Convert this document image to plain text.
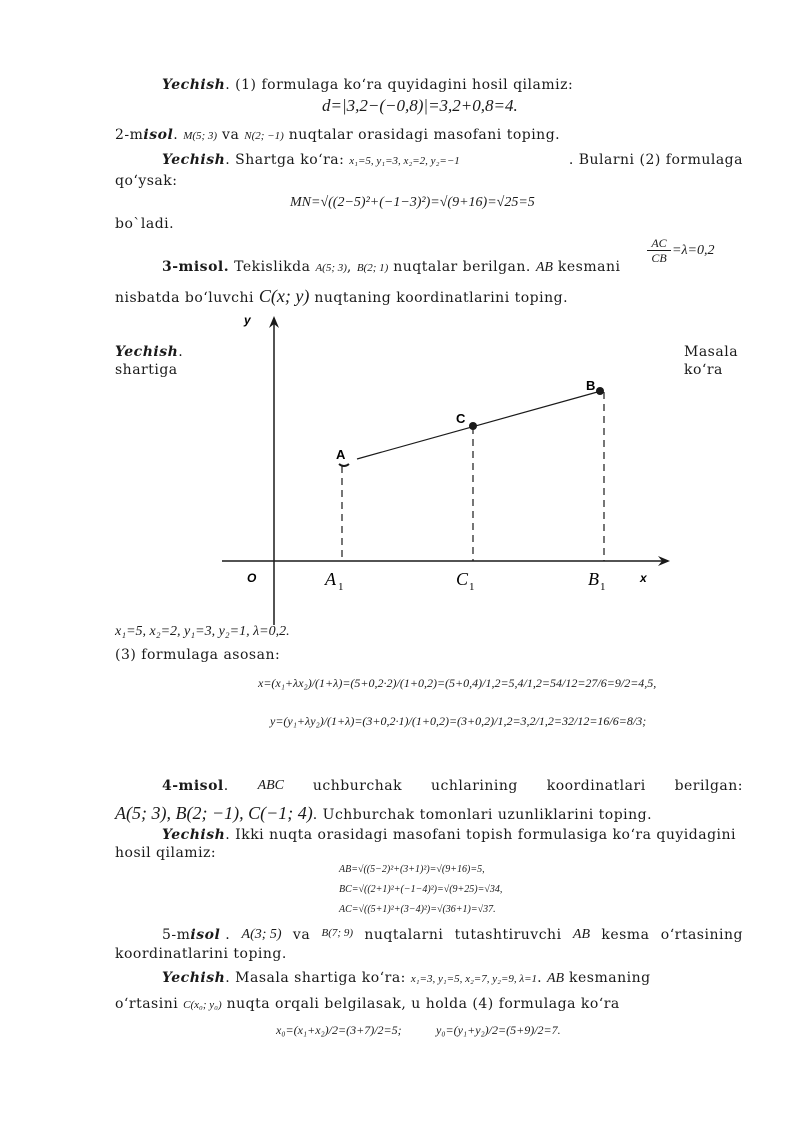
Yechish. (1) formulaga ko‘ra quyidagini hosil qilamiz:
d=|3,2−(−0,8)|=3,2+0,8=4.
2-misol. M(5; 3) va N(2; −1) nuqtalar orasidagi masofani toping.
Yechish. Shartga ko‘ra: x₁=5, y₁=3, x₂=2, y₂=−1	. Bularni (2) formulaga
qo‘ysak:
MN=√((2−5)²+(−1−3)²)=√(9+16)=√25=5
bo`ladi.
3-misol. Tekislikda A(5; 3), B(2; 1) nuqtalar berilgan. AB kesmani
$\frac{AC}{CB} =\lambda=0,2$
nisbatda bo‘luvchi C(x; y) nuqtaning koordinatlarini toping.
Yechish.
shartiga
Masala
ko‘ra
y
x
O
A
C
B
A 1	C 1	B 1
x₁=5, x₂=2, y₁=3, y₂=1, λ=0,2.
(3) formulaga asosan:
x=(x₁+λx₂)/(1+λ)=(5+0,2·2)/(1+0,2)=(5+0,4)/1,2=5,4/1,2=54/12=27/6=9/2=4,5,
y=(y₁+λy₂)/(1+λ)=(3+0,2·1)/(1+0,2)=(3+0,2)/1,2=3,2/1,2=32/12=16/6=8/3;
4-misol. ABC uchburchak uchlarining koordinatlari berilgan:
A(5; 3), B(2; −1), C(−1; 4). Uchburchak tomonlari uzunliklarini toping.
Yechish. Ikki nuqta orasidagi masofani topish formulasiga ko‘ra quyidagini
hosil qilamiz:
AB=√((5−2)²+(3+1)²)=√(9+16)=5,
BC=√((2+1)²+(−1−4)²)=√(9+25)=√34,
AC=√((5+1)²+(3−4)²)=√(36+1)=√37.
5-misol . A(3; 5) va B(7; 9) nuqtalarni tutashtiruvchi AB kesma o‘rtasining
koordinatlarini toping.
Yechish. Masala shartiga ko‘ra: x₁=3, y₁=5, x₂=7, y₂=9, λ=1. AB kesmaning
o‘rtasini C(x₀; y₀) nuqta orqali belgilasak, u holda (4) formulaga ko‘ra
x₀=(x₁+x₂)/2=(3+7)/2=5;	y₀=(y₁+y₂)/2=(5+9)/2=7.
